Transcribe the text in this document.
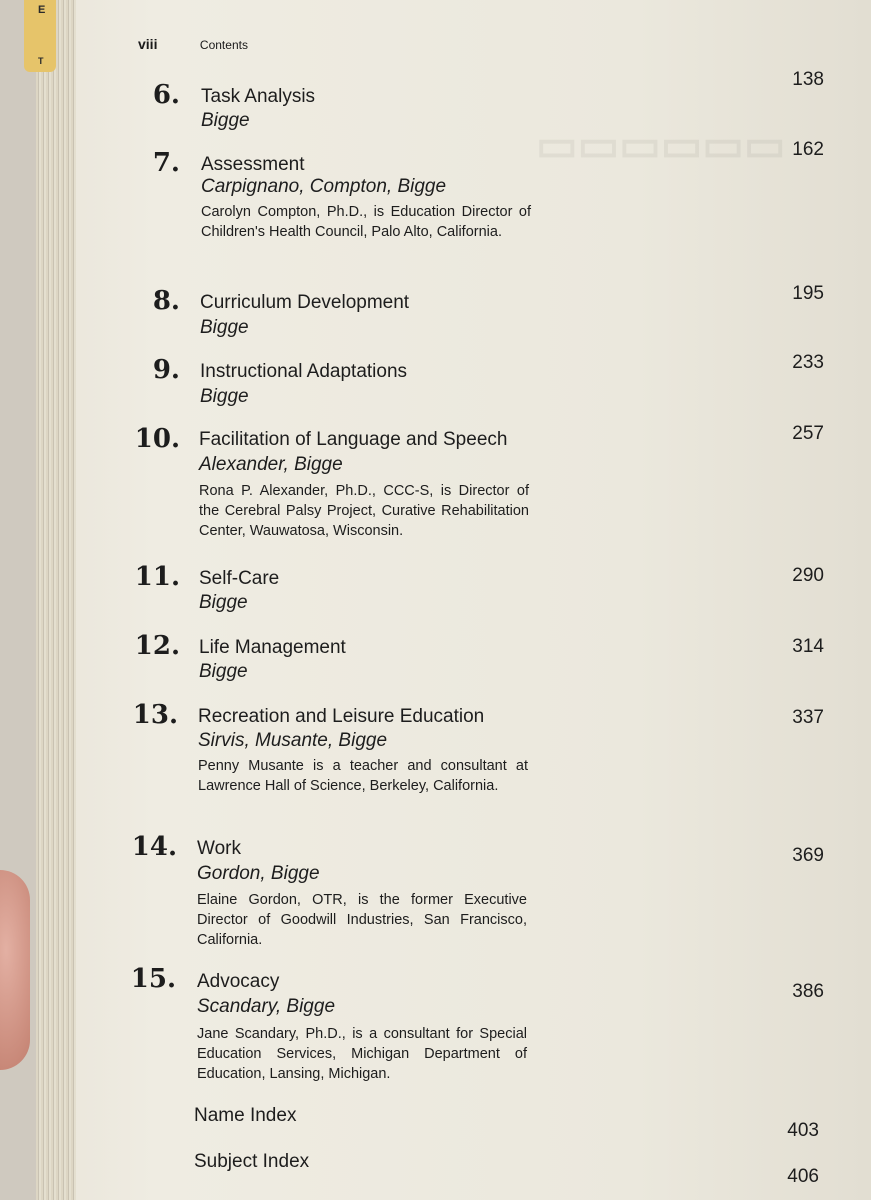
▭▭▭▭▭▭
E
T
viii	Contents
6. Task Analysis
Bigge
138
7. Assessment
Carpignano, Compton, Bigge
Carolyn Compton, Ph.D., is Education Director of Children's Health Council, Palo Alto, California.
162
8. Curriculum Development
Bigge
195
9. Instructional Adaptations
Bigge
233
10. Facilitation of Language and Speech
Alexander, Bigge
Rona P. Alexander, Ph.D., CCC-S, is Director of the Cerebral Palsy Project, Curative Rehabilitation Center, Wauwatosa, Wisconsin.
257
11. Self-Care
Bigge
290
12. Life Management
Bigge
314
13. Recreation and Leisure Education
Sirvis, Musante, Bigge
Penny Musante is a teacher and consultant at Lawrence Hall of Science, Berkeley, California.
337
14. Work
Gordon, Bigge
Elaine Gordon, OTR, is the former Executive Director of Goodwill Industries, San Francisco, California.
369
15. Advocacy
Scandary, Bigge
Jane Scandary, Ph.D., is a consultant for Special Education Services, Michigan Department of Education, Lansing, Michigan.
386
Name Index
403
Subject Index
406
